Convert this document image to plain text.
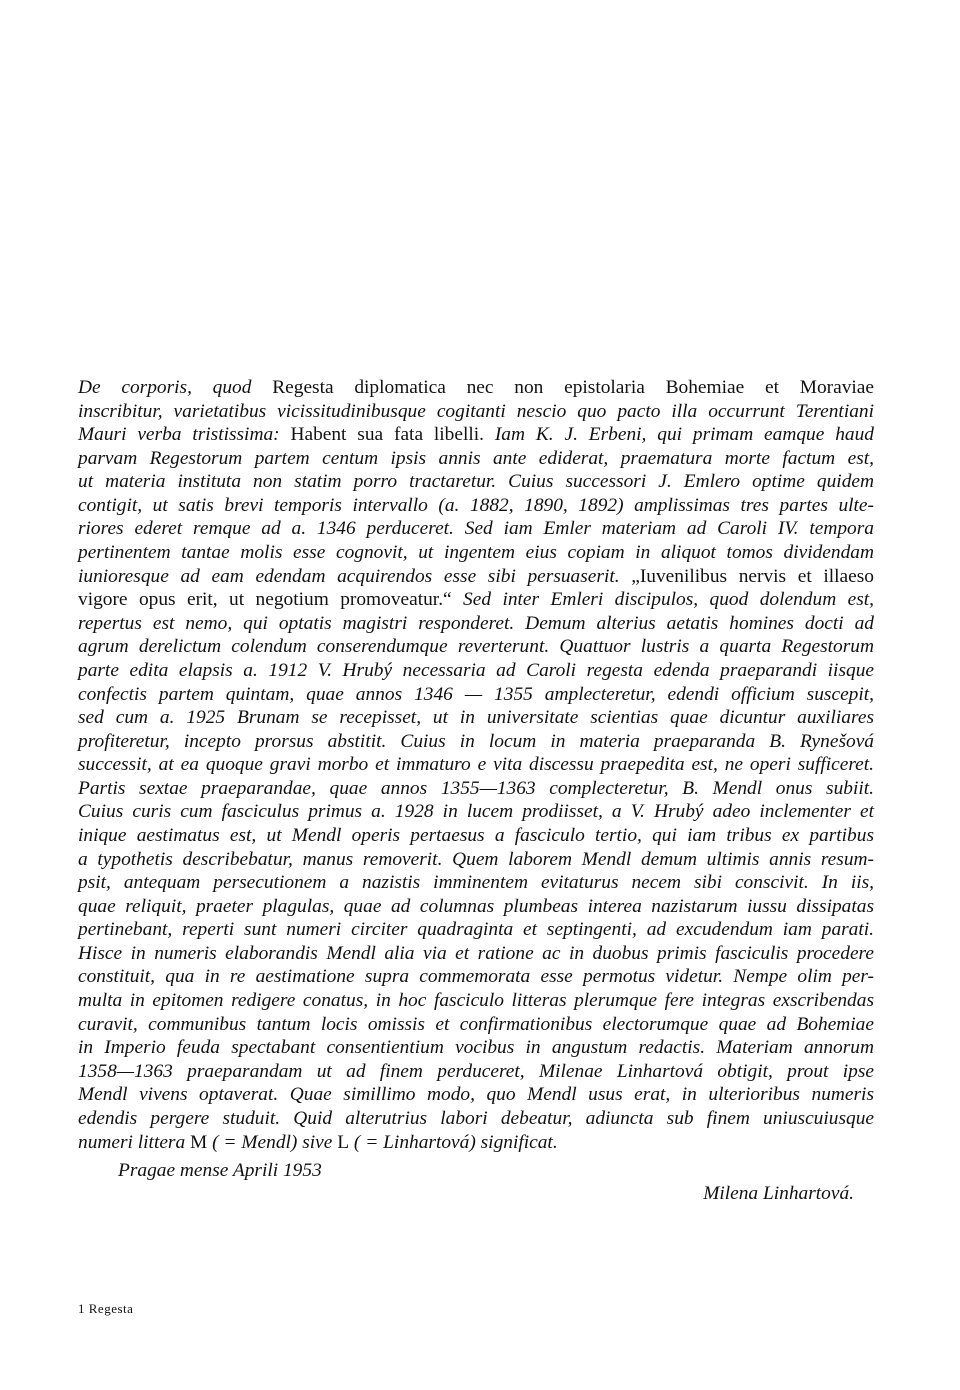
De corporis, quod Regesta diplomatica nec non epistolaria Bohemiae et Moraviae
inscribitur, varietatibus vicissitudinibusque cogitanti nescio quo pacto illa occurrunt Terentiani
Mauri verba tristissima: Habent sua fata libelli. Iam K. J. Erbeni, qui primam eamque haud
parvam Regestorum partem centum ipsis annis ante ediderat, praematura morte factum est,
ut materia instituta non statim porro tractaretur. Cuius successori J. Emlero optime quidem
contigit, ut satis brevi temporis intervallo (a. 1882, 1890, 1892) amplissimas tres partes ulte-
riores ederet remque ad a. 1346 perduceret. Sed iam Emler materiam ad Caroli IV. tempora
pertinentem tantae molis esse cognovit, ut ingentem eius copiam in aliquot tomos dividendam
iunioresque ad eam edendam acquirendos esse sibi persuaserit. „Iuvenilibus nervis et illaeso
vigore opus erit, ut negotium promoveatur.“ Sed inter Emleri discipulos, quod dolendum est,
repertus est nemo, qui optatis magistri responderet. Demum alterius aetatis homines docti ad
agrum derelictum colendum conserendumque reverterunt. Quattuor lustris a quarta Regestorum
parte edita elapsis a. 1912 V. Hrubý necessaria ad Caroli regesta edenda praeparandi iisque
confectis partem quintam, quae annos 1346 — 1355 amplecteretur, edendi officium suscepit,
sed cum a. 1925 Brunam se recepisset, ut in universitate scientias quae dicuntur auxiliares
profiteretur, incepto prorsus abstitit. Cuius in locum in materia praeparanda B. Rynešová
successit, at ea quoque gravi morbo et immaturo e vita discessu praepedita est, ne operi sufficeret.
Partis sextae praeparandae, quae annos 1355—1363 complecteretur, B. Mendl onus subiit.
Cuius curis cum fasciculus primus a. 1928 in lucem prodiisset, a V. Hrubý adeo inclementer et
inique aestimatus est, ut Mendl operis pertaesus a fasciculo tertio, qui iam tribus ex partibus
a typothetis describebatur, manus removerit. Quem laborem Mendl demum ultimis annis resum-
psit, antequam persecutionem a nazistis imminentem evitaturus necem sibi conscivit. In iis,
quae reliquit, praeter plagulas, quae ad columnas plumbeas interea nazistarum iussu dissipatas
pertinebant, reperti sunt numeri circiter quadraginta et septingenti, ad excudendum iam parati.
Hisce in numeris elaborandis Mendl alia via et ratione ac in duobus primis fasciculis procedere
constituit, qua in re aestimatione supra commemorata esse permotus videtur. Nempe olim per-
multa in epitomen redigere conatus, in hoc fasciculo litteras plerumque fere integras exscribendas
curavit, communibus tantum locis omissis et confirmationibus electorumque quae ad Bohemiae
in Imperio feuda spectabant consentientium vocibus in angustum redactis. Materiam annorum
1358—1363 praeparandam ut ad finem perduceret, Milenae Linhartová obtigit, prout ipse
Mendl vivens optaverat. Quae simillimo modo, quo Mendl usus erat, in ulterioribus numeris
edendis pergere studuit. Quid alterutrius labori debeatur, adiuncta sub finem uniuscuiusque
numeri littera M ( = Mendl) sive L ( = Linhartová) significat.

Pragae mense Aprili 1953

Milena Linhartová.

1 Regesta
